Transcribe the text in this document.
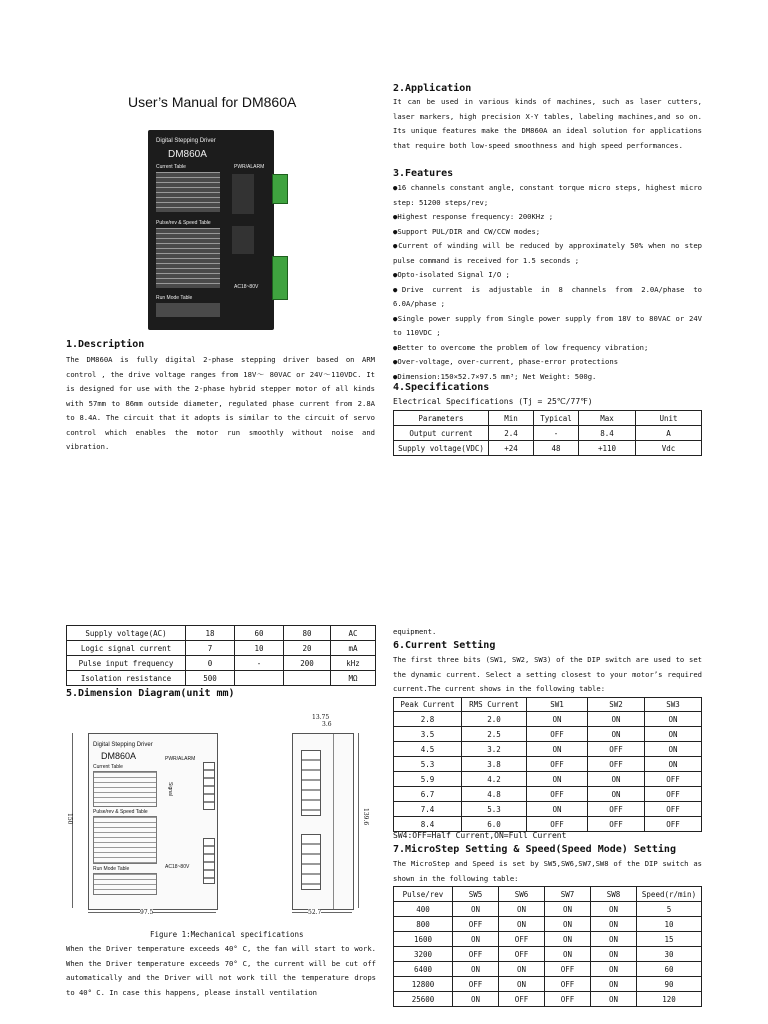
User’s Manual for DM860A
Digital Stepping Driver
DM860A
Current Table
Pulse/rev & Speed Table
Run Mode Table
PWR/ALARM
AC18~80V
1.Description
The DM860A is fully digital 2-phase stepping driver based on ARM control , the drive voltage ranges from 18V～ 80VAC or 24V～110VDC. It is designed for use with the 2-phase hybrid stepper motor of all kinds with 57mm to 86mm outside diameter, regulated phase current from 2.8A to 8.4A. The circuit that it adopts is similar to the circuit of servo control which enables the motor run smoothly without noise and vibration.
2.Application
It can be used in various kinds of machines, such as laser cutters, laser markers, high precision X-Y tables, labeling machines,and so on. Its unique features make the DM860A an ideal solution for applications that require both low-speed smoothness and high speed performances.
3.Features
●16 channels constant angle, constant torque micro steps, highest micro step: 51200 steps/rev;
●Highest response frequency: 200KHz ;
●Support PUL/DIR and CW/CCW modes;
●Current of winding will be reduced by approximately 50% when no step pulse command is received for 1.5 seconds ;
●Opto-isolated Signal I/O ;
●Drive current is adjustable in 8 channels from 2.0A/phase to 6.0A/phase ;
●Single power supply from Single power supply from 18V to 80VAC or 24V to 110VDC ;
●Better to overcome the problem of low frequency vibration;
●Over-voltage, over-current, phase-error protections
●Dimension:150×52.7×97.5 mm³; Net Weight: 500g.
4.Specifications
Electrical Specifications (Tj = 25℃/77℉)
Parameters	Min	Typical	Max	Unit
Output current	2.4	-	8.4	A
Supply voltage(VDC)	+24	48	+110	Vdc
Supply voltage(AC)	18	60	80	AC
Logic signal current	7	10	20	mA
Pulse input frequency	0	-	200	kHz
Isolation resistance	500			MΩ
5.Dimension Diagram(unit mm)
Digital Stepping Driver
DM860A
Current Table
Pulse/rev & Speed Table
Run Mode Table
PWR/ALARM
Signal
AC18~80V
150
97.5
13.75
3.6
139.6
52.7
Figure 1:Mechanical specifications
When the Driver temperature exceeds 40° C, the fan will start to work. When the Driver temperature exceeds 70° C, the current will be cut off automatically and the Driver will not work till the temperature drops to 40° C. In case this happens, please install ventilation
equipment.
6.Current Setting
The first three bits (SW1, SW2, SW3) of the DIP switch are used to set the dynamic current. Select a setting closest to your motor’s required current.The current shows in the following table:
Peak Current	RMS Current	SW1	SW2	SW3
2.8	2.0	ON	ON	ON
3.5	2.5	OFF	ON	ON
4.5	3.2	ON	OFF	ON
5.3	3.8	OFF	OFF	ON
5.9	4.2	ON	ON	OFF
6.7	4.8	OFF	ON	OFF
7.4	5.3	ON	OFF	OFF
8.4	6.0	OFF	OFF	OFF
SW4:OFF=Half Current,ON=Full Current
7.MicroStep Setting & Speed(Speed Mode) Setting
The MicroStep and Speed is set by SW5,SW6,SW7,SW8 of the DIP switch as shown in the following table:
Pulse/rev	SW5	SW6	SW7	SW8	Speed(r/min)
400	ON	ON	ON	ON	5
800	OFF	ON	ON	ON	10
1600	ON	OFF	ON	ON	15
3200	OFF	OFF	ON	ON	30
6400	ON	ON	OFF	ON	60
12800	OFF	ON	OFF	ON	90
25600	ON	OFF	OFF	ON	120
